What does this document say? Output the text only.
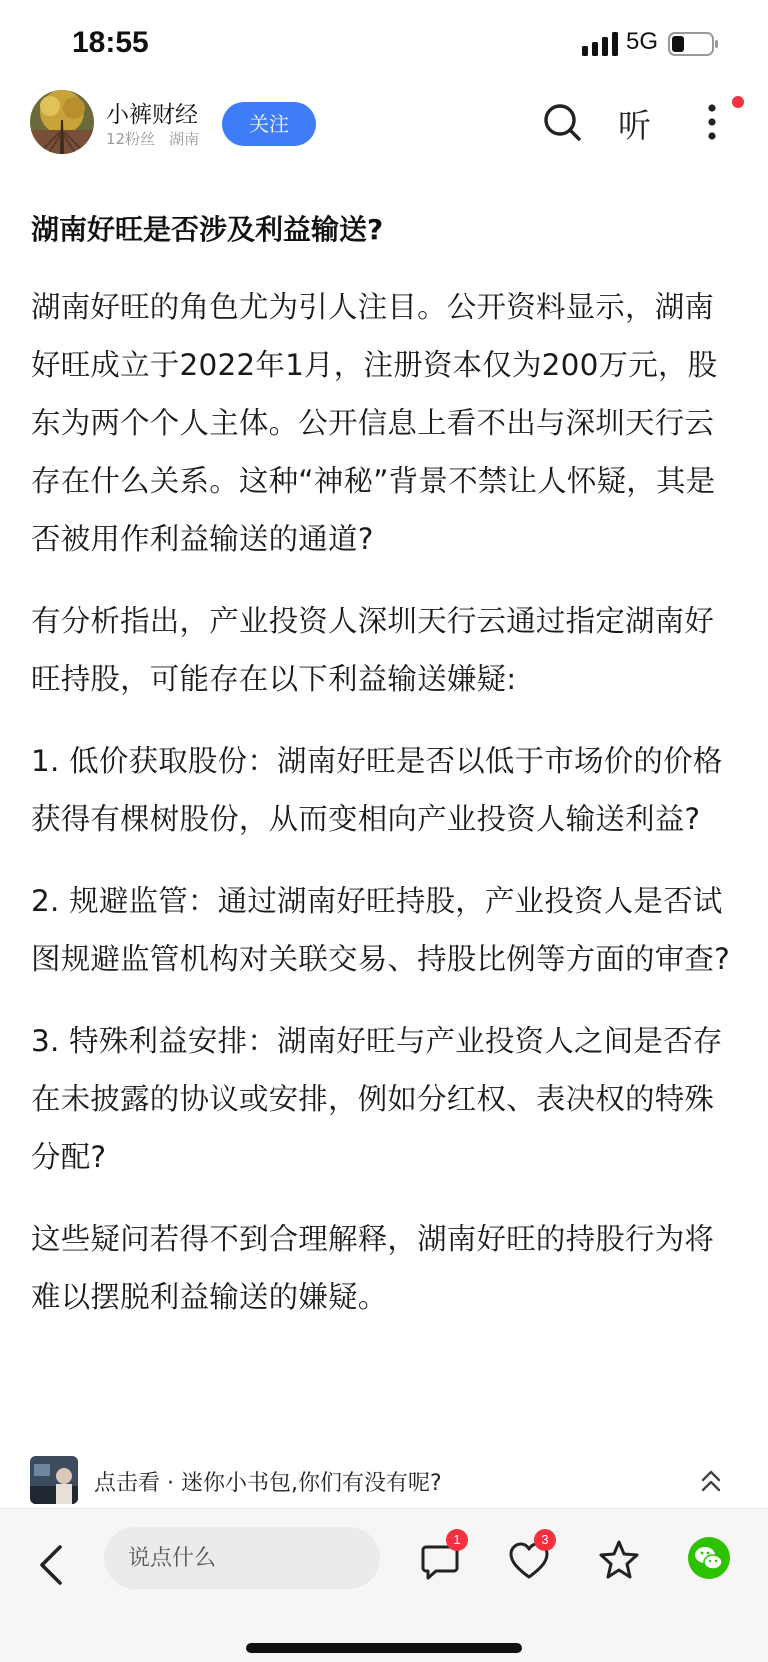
18:55	5G
小裤财经
12粉丝 湖南
关注	听
湖南好旺是否涉及利益输送?

湖南好旺的角色尤为引人注目。公开资料显示，湖南好旺成立于2022年1月，注册资本仅为200万元，股东为两个个人主体。公开信息上看不出与深圳天行云存在什么关系。这种“神秘”背景不禁让人怀疑，其是否被用作利益输送的通道?

有分析指出，产业投资人深圳天行云通过指定湖南好旺持股，可能存在以下利益输送嫌疑:

1. 低价获取股份：湖南好旺是否以低于市场价的价格获得有棵树股份，从而变相向产业投资人输送利益?

2. 规避监管：通过湖南好旺持股，产业投资人是否试图规避监管机构对关联交易、持股比例等方面的审查?

3. 特殊利益安排：湖南好旺与产业投资人之间是否存在未披露的协议或安排，例如分红权、表决权的特殊分配?

这些疑问若得不到合理解释，湖南好旺的持股行为将难以摆脱利益输送的嫌疑。

点击看 · 迷你小书包,你们有没有呢?
说点什么
1	3
